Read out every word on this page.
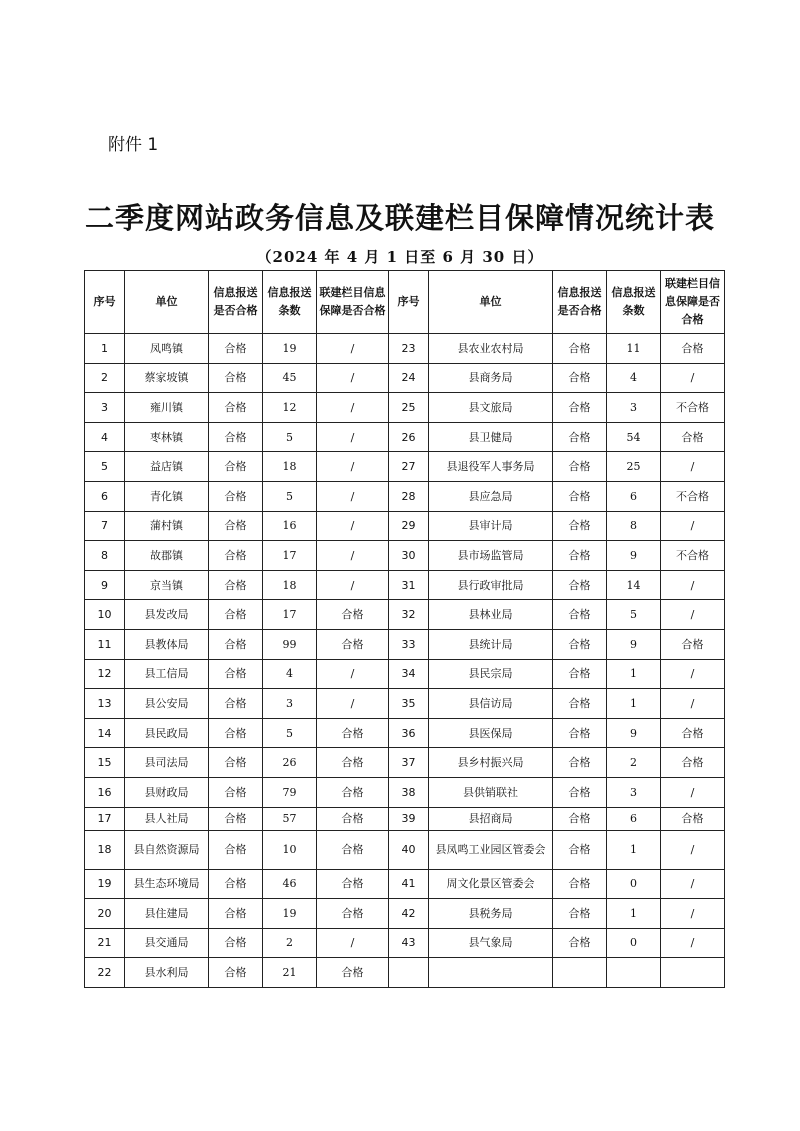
附件 1
二季度网站政务信息及联建栏目保障情况统计表
（2024 年 4 月 1 日至 6 月 30 日）
序号	单位	信息报送是否合格	信息报送条数	联建栏目信息保障是否合格	序号	单位	信息报送是否合格	信息报送条数	联建栏目信息保障是否合格
1	凤鸣镇	合格	19	/	23	县农业农村局	合格	11	合格
2	蔡家坡镇	合格	45	/	24	县商务局	合格	4	/
3	雍川镇	合格	12	/	25	县文旅局	合格	3	不合格
4	枣林镇	合格	5	/	26	县卫健局	合格	54	合格
5	益店镇	合格	18	/	27	县退役军人事务局	合格	25	/
6	青化镇	合格	5	/	28	县应急局	合格	6	不合格
7	蒲村镇	合格	16	/	29	县审计局	合格	8	/
8	故郡镇	合格	17	/	30	县市场监管局	合格	9	不合格
9	京当镇	合格	18	/	31	县行政审批局	合格	14	/
10	县发改局	合格	17	合格	32	县林业局	合格	5	/
11	县教体局	合格	99	合格	33	县统计局	合格	9	合格
12	县工信局	合格	4	/	34	县民宗局	合格	1	/
13	县公安局	合格	3	/	35	县信访局	合格	1	/
14	县民政局	合格	5	合格	36	县医保局	合格	9	合格
15	县司法局	合格	26	合格	37	县乡村振兴局	合格	2	合格
16	县财政局	合格	79	合格	38	县供销联社	合格	3	/
17	县人社局	合格	57	合格	39	县招商局	合格	6	合格
18	县自然资源局	合格	10	合格	40	县凤鸣工业园区管委会	合格	1	/
19	县生态环境局	合格	46	合格	41	周文化景区管委会	合格	0	/
20	县住建局	合格	19	合格	42	县税务局	合格	1	/
21	县交通局	合格	2	/	43	县气象局	合格	0	/
22	县水利局	合格	21	合格					
